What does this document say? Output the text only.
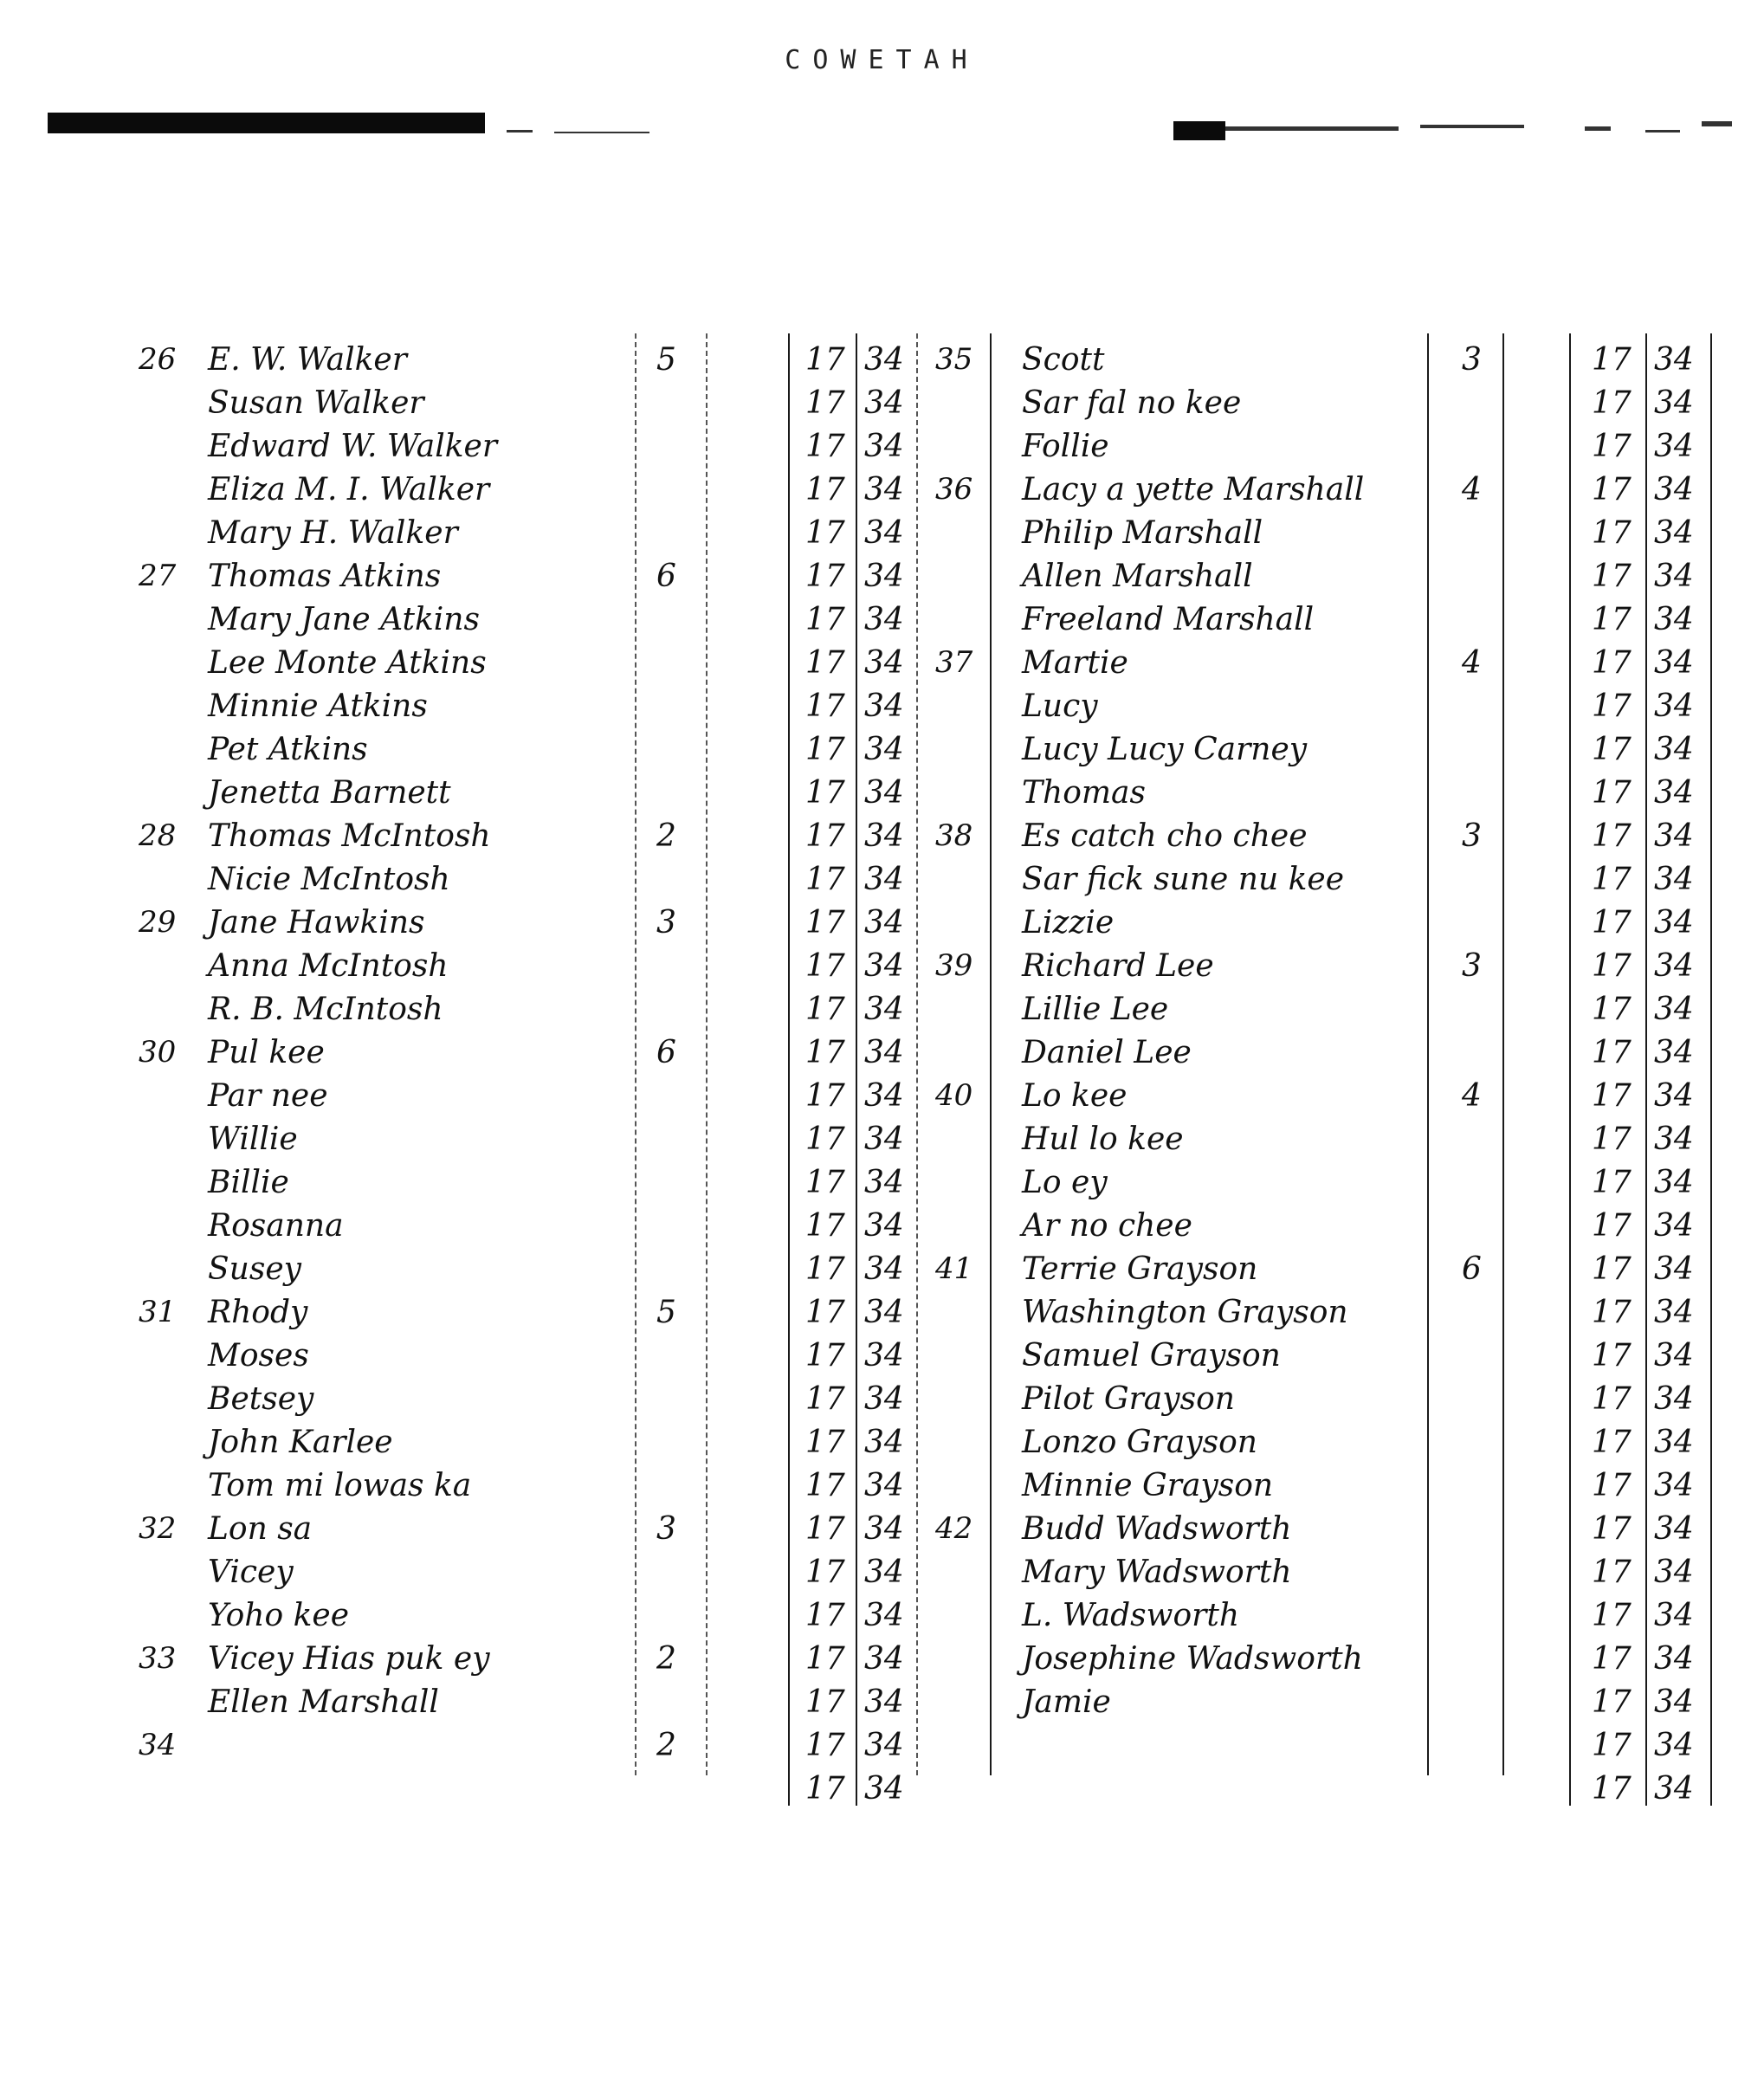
COWETAH
26 E. W. Walker	5	17 34
Susan Walker	17 34
Edward W. Walker	17 34
Eliza M. I. Walker	17 34
Mary H. Walker	17 34
27 Thomas Atkins	6	17 34
Mary Jane Atkins	17 34
Lee Monte Atkins	17 34
Minnie Atkins	17 34
Pet Atkins	17 34
Jenetta Barnett	17 34
28 Thomas McIntosh	2	17 34
Nicie McIntosh	17 34
29 Jane Hawkins	3	17 34
Anna McIntosh	17 34
R. B. McIntosh	17 34
30 Pul kee	6	17 34
Par nee	17 34
Willie	17 34
Billie	17 34
Rosanna	17 34
Susey	17 34
31 Rhody	5	17 34
Moses	17 34
Betsey	17 34
John Karlee	17 34
Tom mi lowas ka	17 34
32 Lon sa	3	17 34
Vicey	17 34
Yoho kee	17 34
33 Vicey Hias puk ey	2	17 34
Ellen Marshall	17 34
34	2	17 34
17 34
35 Scott	3	17 34
Sar fal no kee	17 34
Follie	17 34
36 Lacy a yette Marshall	4	17 34
Philip Marshall	17 34
Allen Marshall	17 34
Freeland Marshall	17 34
37 Martie	4	17 34
Lucy	17 34
Lucy Lucy Carney	17 34
Thomas	17 34
38 Es catch cho chee	3	17 34
Sar fick sune nu kee	17 34
Lizzie	17 34
39 Richard Lee	3	17 34
Lillie Lee	17 34
Daniel Lee	17 34
40 Lo kee	4	17 34
Hul lo kee	17 34
Lo ey	17 34
Ar no chee	17 34
41 Terrie Grayson	6	17 34
Washington Grayson	17 34
Samuel Grayson	17 34
Pilot Grayson	17 34
Lonzo Grayson	17 34
Minnie Grayson	17 34
42 Budd Wadsworth	17 34
Mary Wadsworth	17 34
L. Wadsworth	17 34
Josephine Wadsworth	17 34
Jamie	17 34
17 34
17 34
